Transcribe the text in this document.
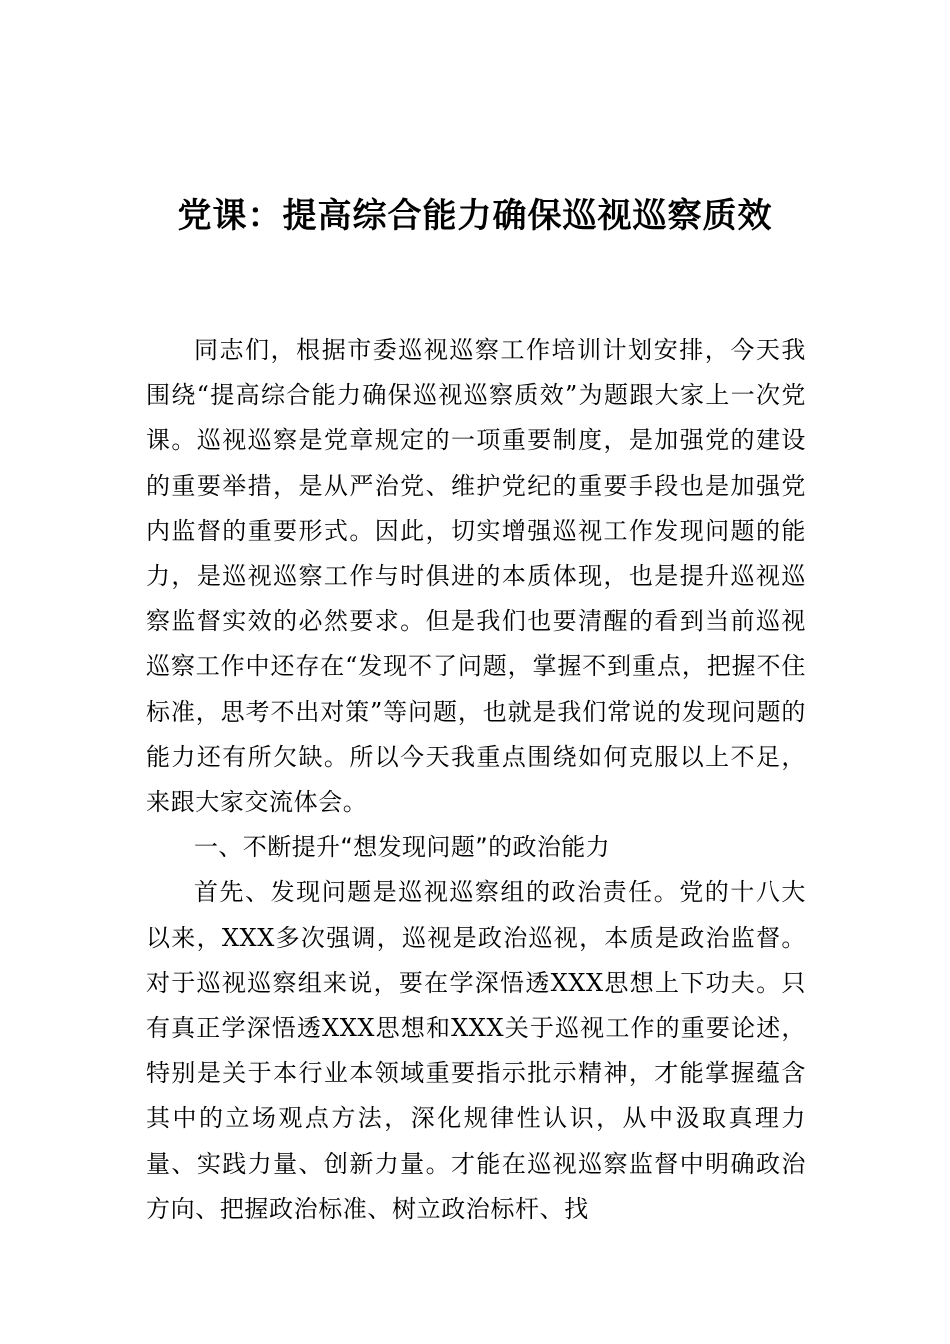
党课：提高综合能力确保巡视巡察质效

同志们，根据市委巡视巡察工作培训计划安排，今天我围绕“提高综合能力确保巡视巡察质效”为题跟大家上一次党课。巡视巡察是党章规定的一项重要制度，是加强党的建设的重要举措，是从严治党、维护党纪的重要手段也是加强党内监督的重要形式。因此，切实增强巡视工作发现问题的能力，是巡视巡察工作与时俱进的本质体现，也是提升巡视巡察监督实效的必然要求。但是我们也要清醒的看到当前巡视巡察工作中还存在“发现不了问题，掌握不到重点，把握不住标准，思考不出对策”等问题，也就是我们常说的发现问题的能力还有所欠缺。所以今天我重点围绕如何克服以上不足，来跟大家交流体会。

一、不断提升“想发现问题”的政治能力

首先、发现问题是巡视巡察组的政治责任。党的十八大以来，XXX多次强调，巡视是政治巡视，本质是政治监督。对于巡视巡察组来说，要在学深悟透XXX思想上下功夫。只有真正学深悟透XXX思想和XXX关于巡视工作的重要论述，特别是关于本行业本领域重要指示批示精神，才能掌握蕴含其中的立场观点方法，深化规律性认识，从中汲取真理力量、实践力量、创新力量。才能在巡视巡察监督中明确政治方向、把握政治标准、树立政治标杆、找
